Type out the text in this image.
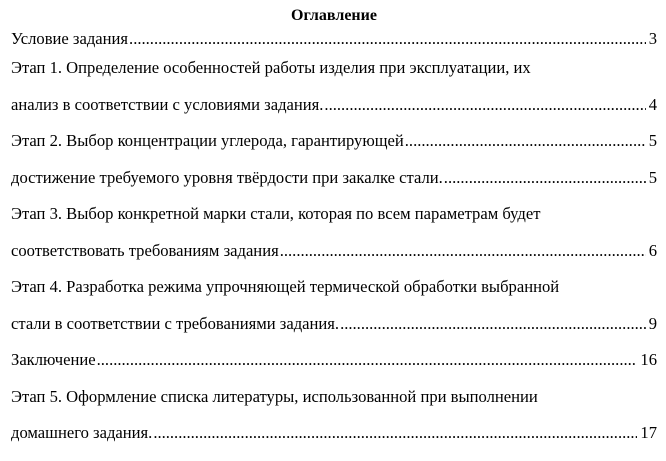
Оглавление
Условие задания .....	3
Этап 1. Определение особенностей работы изделия при эксплуатации, их
анализ в соответствии с условиями задания. .....	4
Этап 2. Выбор концентрации углерода, гарантирующей .....	5
достижение требуемого уровня твёрдости при закалке стали. .....	5
Этап 3. Выбор конкретной марки стали, которая по всем параметрам будет
соответствовать требованиям задания .....	6
Этап 4. Разработка режима упрочняющей термической обработки выбранной
стали в соответствии с требованиями задания. .....	9
Заключение .....	16
Этап 5. Оформление списка литературы, использованной при выполнении
домашнего задания. .....	17
